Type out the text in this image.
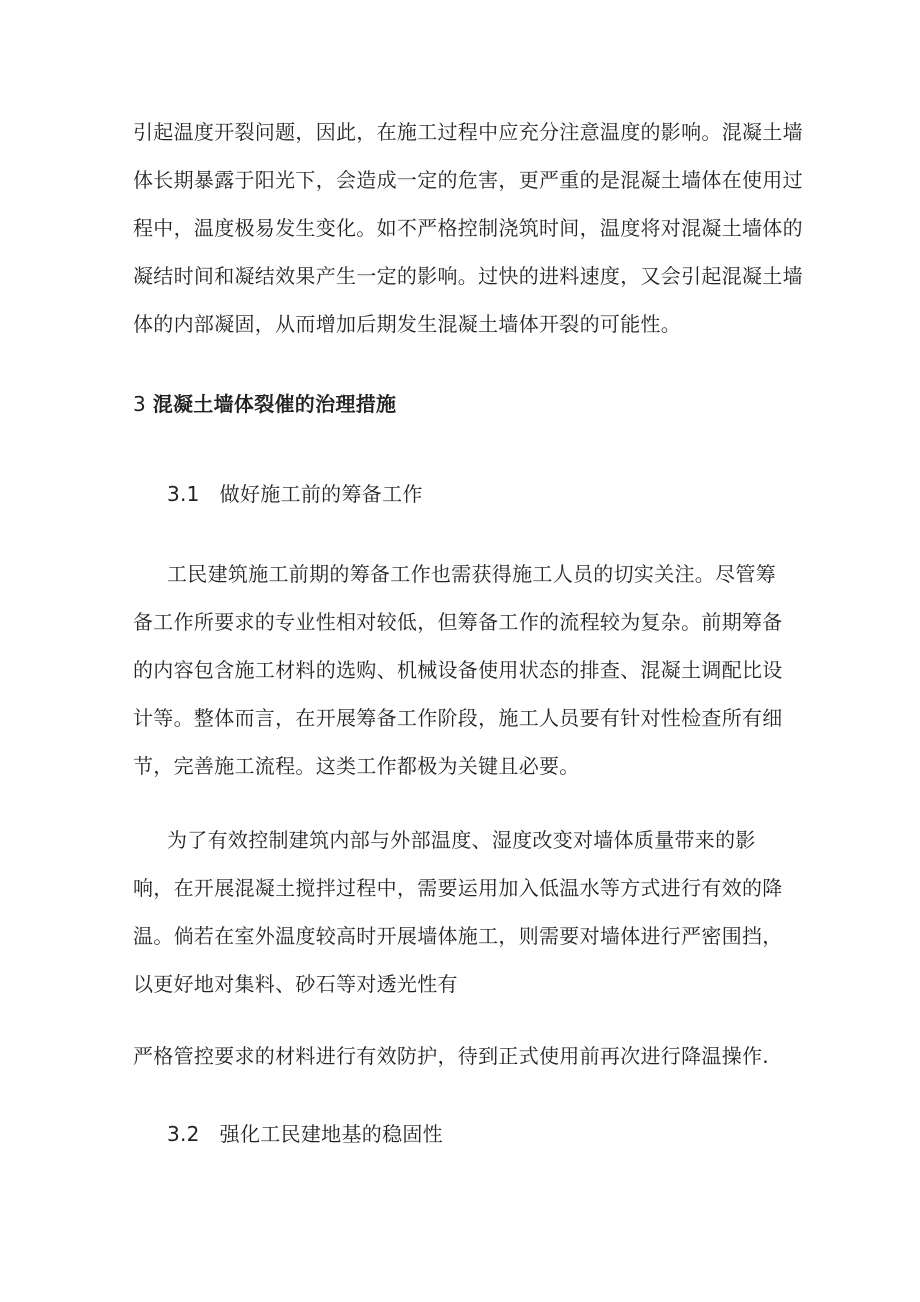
引起温度开裂问题，因此，在施工过程中应充分注意温度的影响。混凝土墙
体长期暴露于阳光下，会造成一定的危害，更严重的是混凝土墙体在使用过
程中，温度极易发生变化。如不严格控制浇筑时间，温度将对混凝土墙体的
凝结时间和凝结效果产生一定的影响。过快的进料速度，又会引起混凝土墙
体的内部凝固，从而增加后期发生混凝土墙体开裂的可能性。
3 混凝土墙体裂催的治理措施
3.1   做好施工前的筹备工作
工民建筑施工前期的筹备工作也需获得施工人员的切实关注。尽管筹
备工作所要求的专业性相对较低，但筹备工作的流程较为复杂。前期筹备
的内容包含施工材料的选购、机械设备使用状态的排查、混凝土调配比设
计等。整体而言，在开展筹备工作阶段，施工人员要有针对性检查所有细
节，完善施工流程。这类工作都极为关键且必要。
为了有效控制建筑内部与外部温度、湿度改变对墙体质量带来的影
响，在开展混凝土搅拌过程中，需要运用加入低温水等方式进行有效的降
温。倘若在室外温度较高时开展墙体施工，则需要对墙体进行严密围挡，
以更好地对集料、砂石等对透光性有
严格管控要求的材料进行有效防护，待到正式使用前再次进行降温操作.
3.2   强化工民建地基的稳固性
